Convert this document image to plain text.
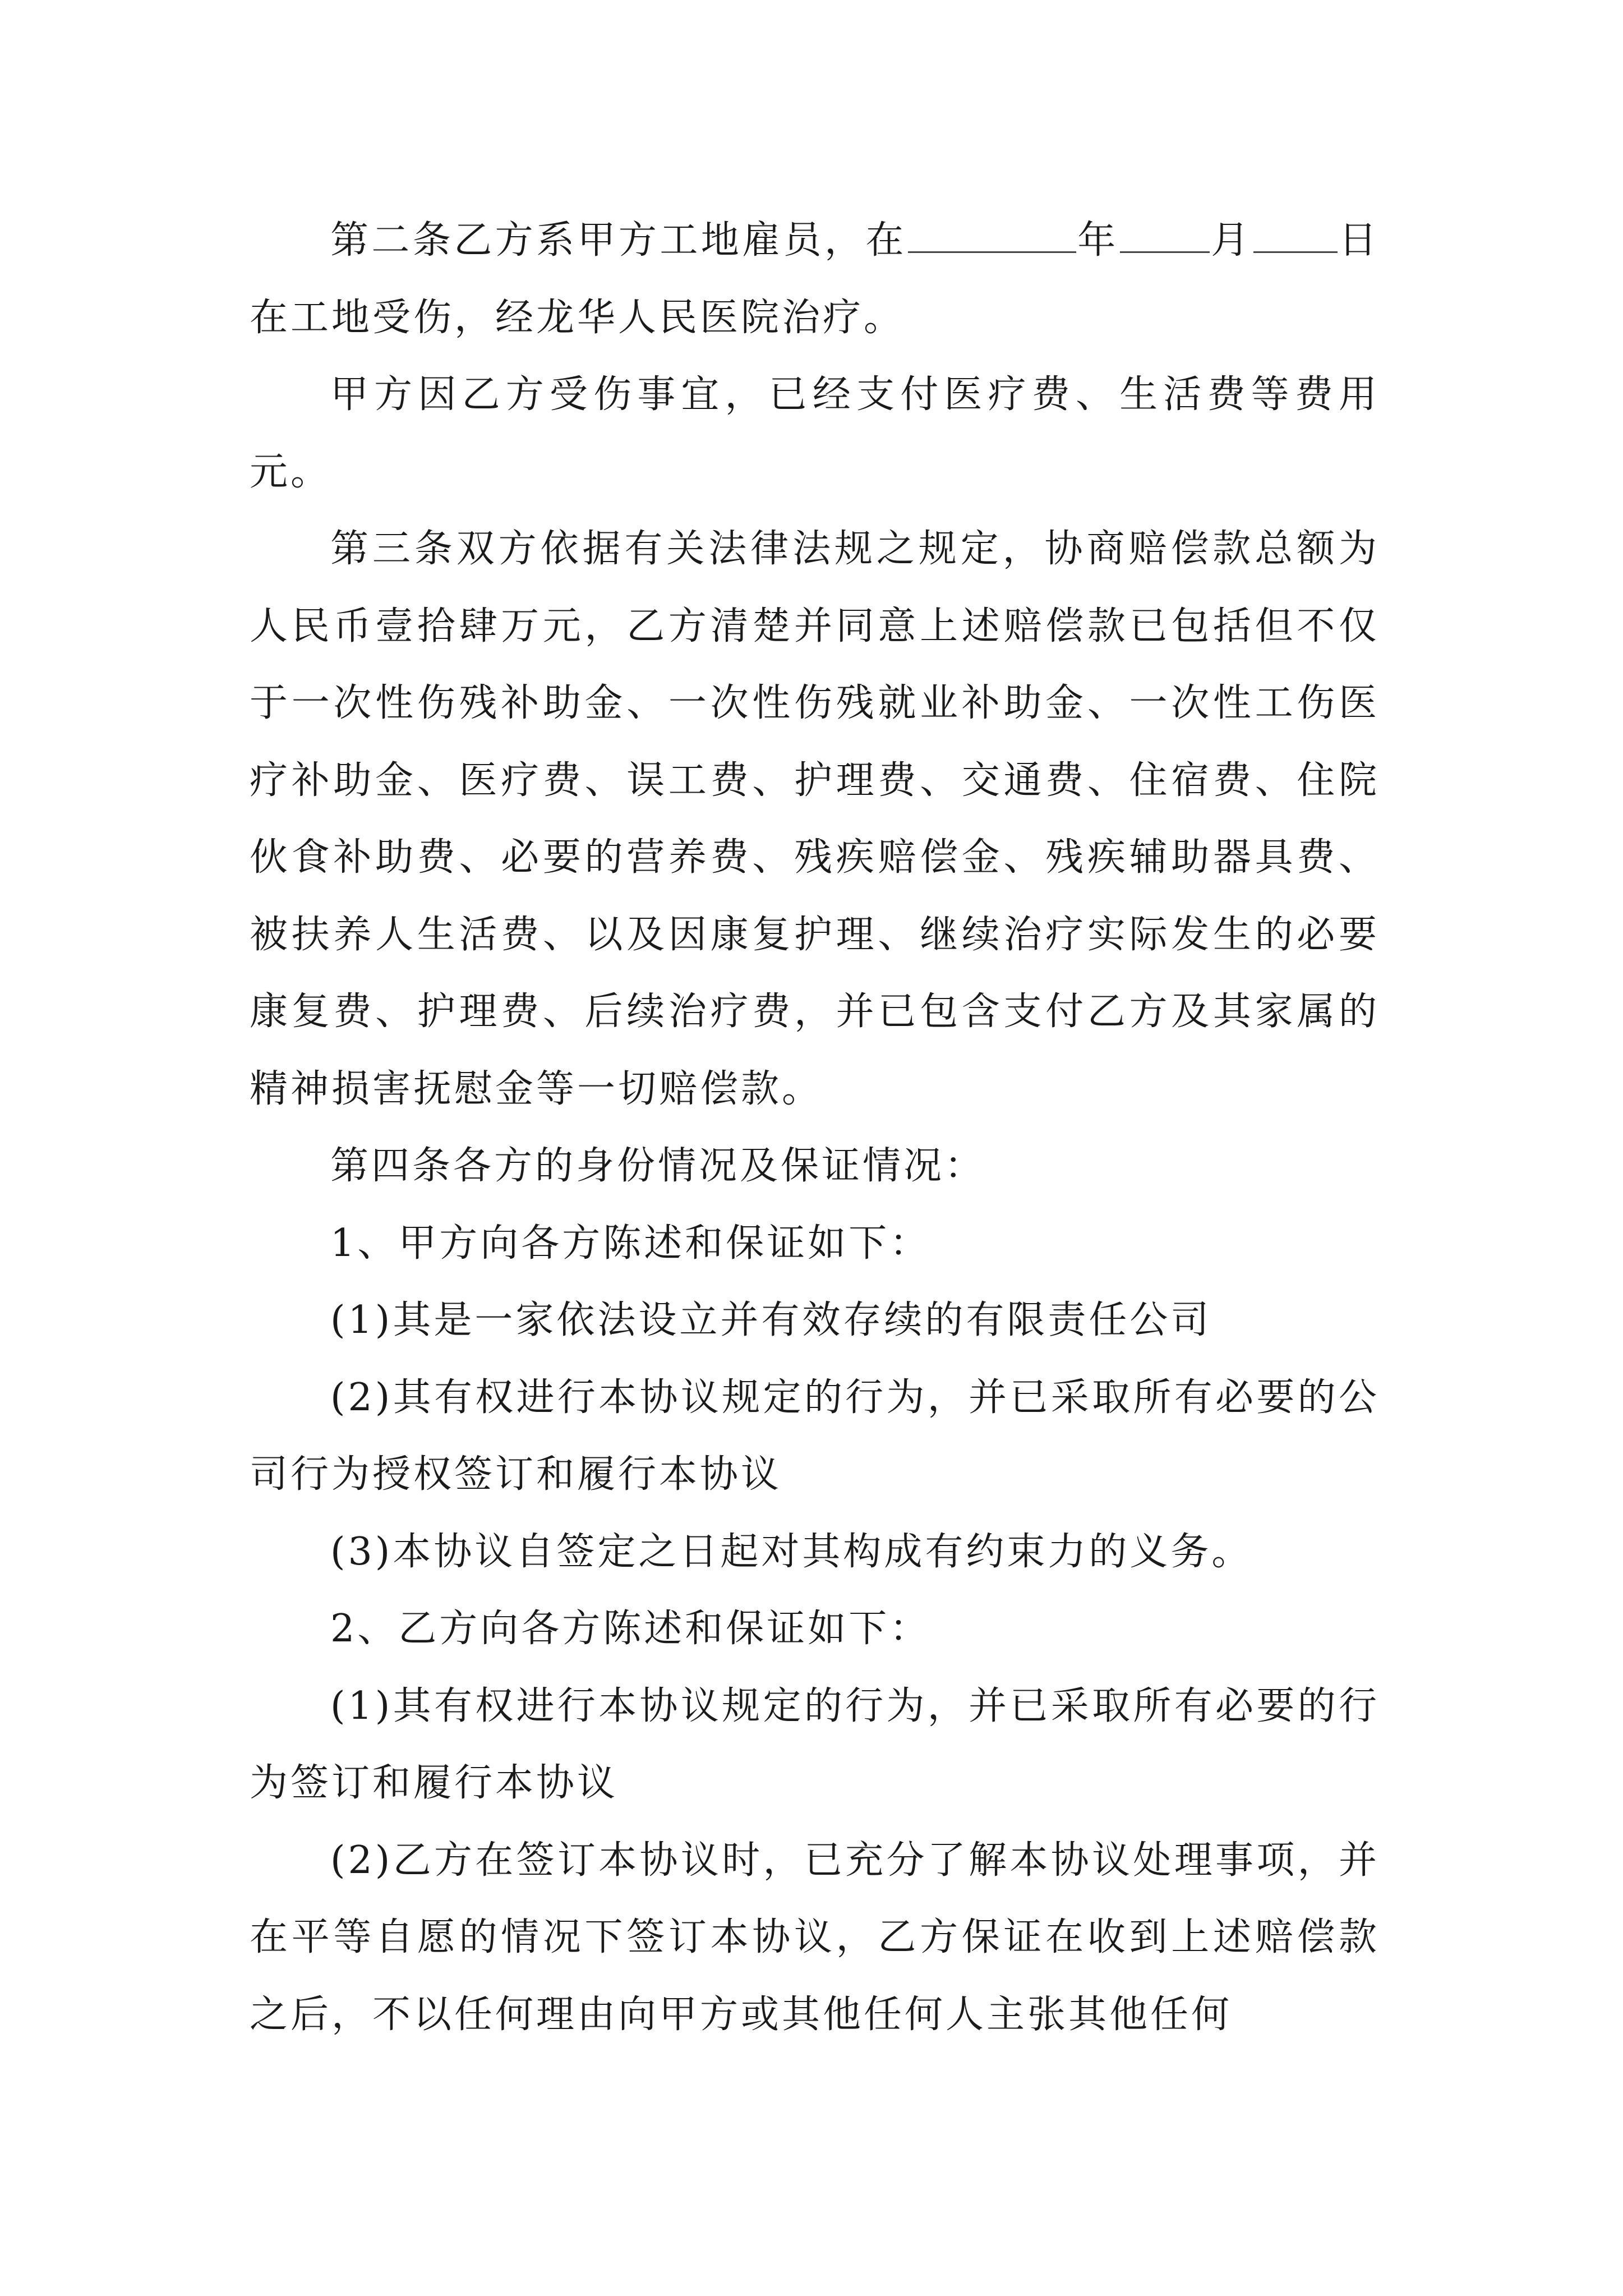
第二条乙方系甲方工地雇员，在	年 月 日在工地受伤，经龙华人民医院治疗。

甲方因乙方受伤事宜，已经支付医疗费、生活费等费用元。

第三条双方依据有关法律法规之规定，协商赔偿款总额为人民币壹拾肆万元，乙方清楚并同意上述赔偿款已包括但不仅于一次性伤残补助金、一次性伤残就业补助金、一次性工伤医疗补助金、医疗费、误工费、护理费、交通费、住宿费、住院伙食补助费、必要的营养费、残疾赔偿金、残疾辅助器具费、被扶养人生活费、以及因康复护理、继续治疗实际发生的必要康复费、护理费、后续治疗费，并已包含支付乙方及其家属的精神损害抚慰金等一切赔偿款。

第四条各方的身份情况及保证情况：

1、甲方向各方陈述和保证如下：

(1)其是一家依法设立并有效存续的有限责任公司

(2)其有权进行本协议规定的行为，并已采取所有必要的公司行为授权签订和履行本协议

(3)本协议自签定之日起对其构成有约束力的义务。

2、乙方向各方陈述和保证如下：

(1)其有权进行本协议规定的行为，并已采取所有必要的行为签订和履行本协议

(2)乙方在签订本协议时，已充分了解本协议处理事项，并在平等自愿的情况下签订本协议，乙方保证在收到上述赔偿款之后，不以任何理由向甲方或其他任何人主张其他任何
